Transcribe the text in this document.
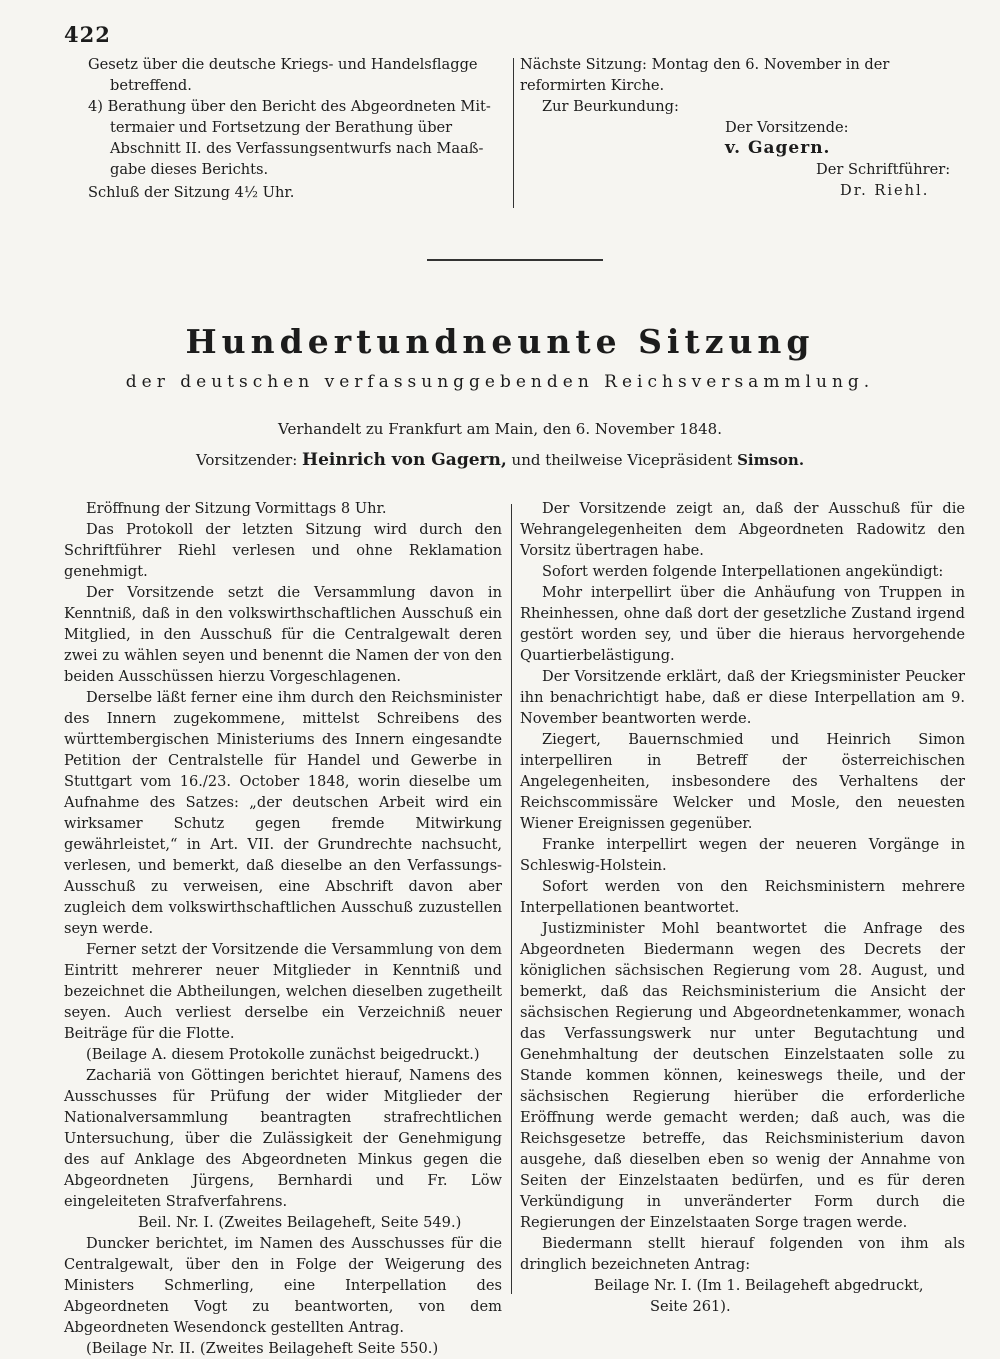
422

Gesetz über die deutsche Kriegs- und Handelsflagge

betreffend.

4) Berathung über den Bericht des Abgeordneten Mit-

termaier und Fortsetzung der Berathung über

Abschnitt II. des Verfassungsentwurfs nach Maaß-

gabe dieses Berichts.

Schluß der Sitzung 4½ Uhr.

Nächste Sitzung: Montag den 6. November in der

reformirten Kirche.

Zur Beurkundung:

Der Vorsitzende:

v. Gagern.

Der Schriftführer:

Dr. Riehl.

Hundertundneunte Sitzung
der deutschen verfassunggebenden Reichsversammlung.
Verhandelt zu Frankfurt am Main, den 6. November 1848.
Vorsitzender: Heinrich von Gagern, und theilweise Vicepräsident Simson.

Eröffnung der Sitzung Vormittags 8 Uhr.

Das Protokoll der letzten Sitzung wird durch den Schriftführer Riehl verlesen und ohne Reklamation genehmigt.

Der Vorsitzende setzt die Versammlung davon in Kenntniß, daß in den volkswirthschaftlichen Ausschuß ein Mitglied, in den Ausschuß für die Centralgewalt deren zwei zu wählen seyen und benennt die Namen der von den beiden Ausschüssen hierzu Vorgeschlagenen.

Derselbe läßt ferner eine ihm durch den Reichsminister des Innern zugekommene, mittelst Schreibens des württembergischen Ministeriums des Innern eingesandte Petition der Centralstelle für Handel und Gewerbe in Stuttgart vom 16./23. October 1848, worin dieselbe um Aufnahme des Satzes: „der deutschen Arbeit wird ein wirksamer Schutz gegen fremde Mitwirkung gewährleistet,“ in Art. VII. der Grundrechte nachsucht, verlesen, und bemerkt, daß dieselbe an den Verfassungs-Ausschuß zu verweisen, eine Abschrift davon aber zugleich dem volkswirthschaftlichen Ausschuß zuzustellen seyn werde.

Ferner setzt der Vorsitzende die Versammlung von dem Eintritt mehrerer neuer Mitglieder in Kenntniß und bezeichnet die Abtheilungen, welchen dieselben zugetheilt seyen. Auch verliest derselbe ein Verzeichniß neuer Beiträge für die Flotte.

(Beilage A. diesem Protokolle zunächst beigedruckt.)

Zachariä von Göttingen berichtet hierauf, Namens des Ausschusses für Prüfung der wider Mitglieder der Nationalversammlung beantragten strafrechtlichen Untersuchung, über die Zulässigkeit der Genehmigung des auf Anklage des Abgeordneten Minkus gegen die Abgeordneten Jürgens, Bernhardi und Fr. Löw eingeleiteten Strafverfahrens.

Beil. Nr. I. (Zweites Beilageheft, Seite 549.)

Duncker berichtet, im Namen des Ausschusses für die Centralgewalt, über den in Folge der Weigerung des Ministers Schmerling, eine Interpellation des Abgeordneten Vogt zu beantworten, von dem Abgeordneten Wesendonck gestellten Antrag.

(Beilage Nr. II. (Zweites Beilageheft Seite 550.)

Der Vorsitzende zeigt an, daß der Ausschuß für die Wehrangelegenheiten dem Abgeordneten Radowitz den Vorsitz übertragen habe.

Sofort werden folgende Interpellationen angekündigt:

Mohr interpellirt über die Anhäufung von Truppen in Rheinhessen, ohne daß dort der gesetzliche Zustand irgend gestört worden sey, und über die hieraus hervorgehende Quartierbelästigung.

Der Vorsitzende erklärt, daß der Kriegsminister Peucker ihn benachrichtigt habe, daß er diese Interpellation am 9. November beantworten werde.

Ziegert, Bauernschmied und Heinrich Simon interpelliren in Betreff der österreichischen Angelegenheiten, insbesondere des Verhaltens der Reichscommissäre Welcker und Mosle, den neuesten Wiener Ereignissen gegenüber.

Franke interpellirt wegen der neueren Vorgänge in Schleswig-Holstein.

Sofort werden von den Reichsministern mehrere Interpellationen beantwortet.

Justizminister Mohl beantwortet die Anfrage des Abgeordneten Biedermann wegen des Decrets der königlichen sächsischen Regierung vom 28. August, und bemerkt, daß das Reichsministerium die Ansicht der sächsischen Regierung und Abgeordnetenkammer, wonach das Verfassungswerk nur unter Begutachtung und Genehmhaltung der deutschen Einzelstaaten solle zu Stande kommen können, keineswegs theile, und der sächsischen Regierung hierüber die erforderliche Eröffnung werde gemacht werden; daß auch, was die Reichsgesetze betreffe, das Reichsministerium davon ausgehe, daß dieselben eben so wenig der Annahme von Seiten der Einzelstaaten bedürfen, und es für deren Verkündigung in unveränderter Form durch die Regierungen der Einzelstaaten Sorge tragen werde.

Biedermann stellt hierauf folgenden von ihm als dringlich bezeichneten Antrag:

Beilage Nr. I. (Im 1. Beilageheft abgedruckt,

Seite 261).
